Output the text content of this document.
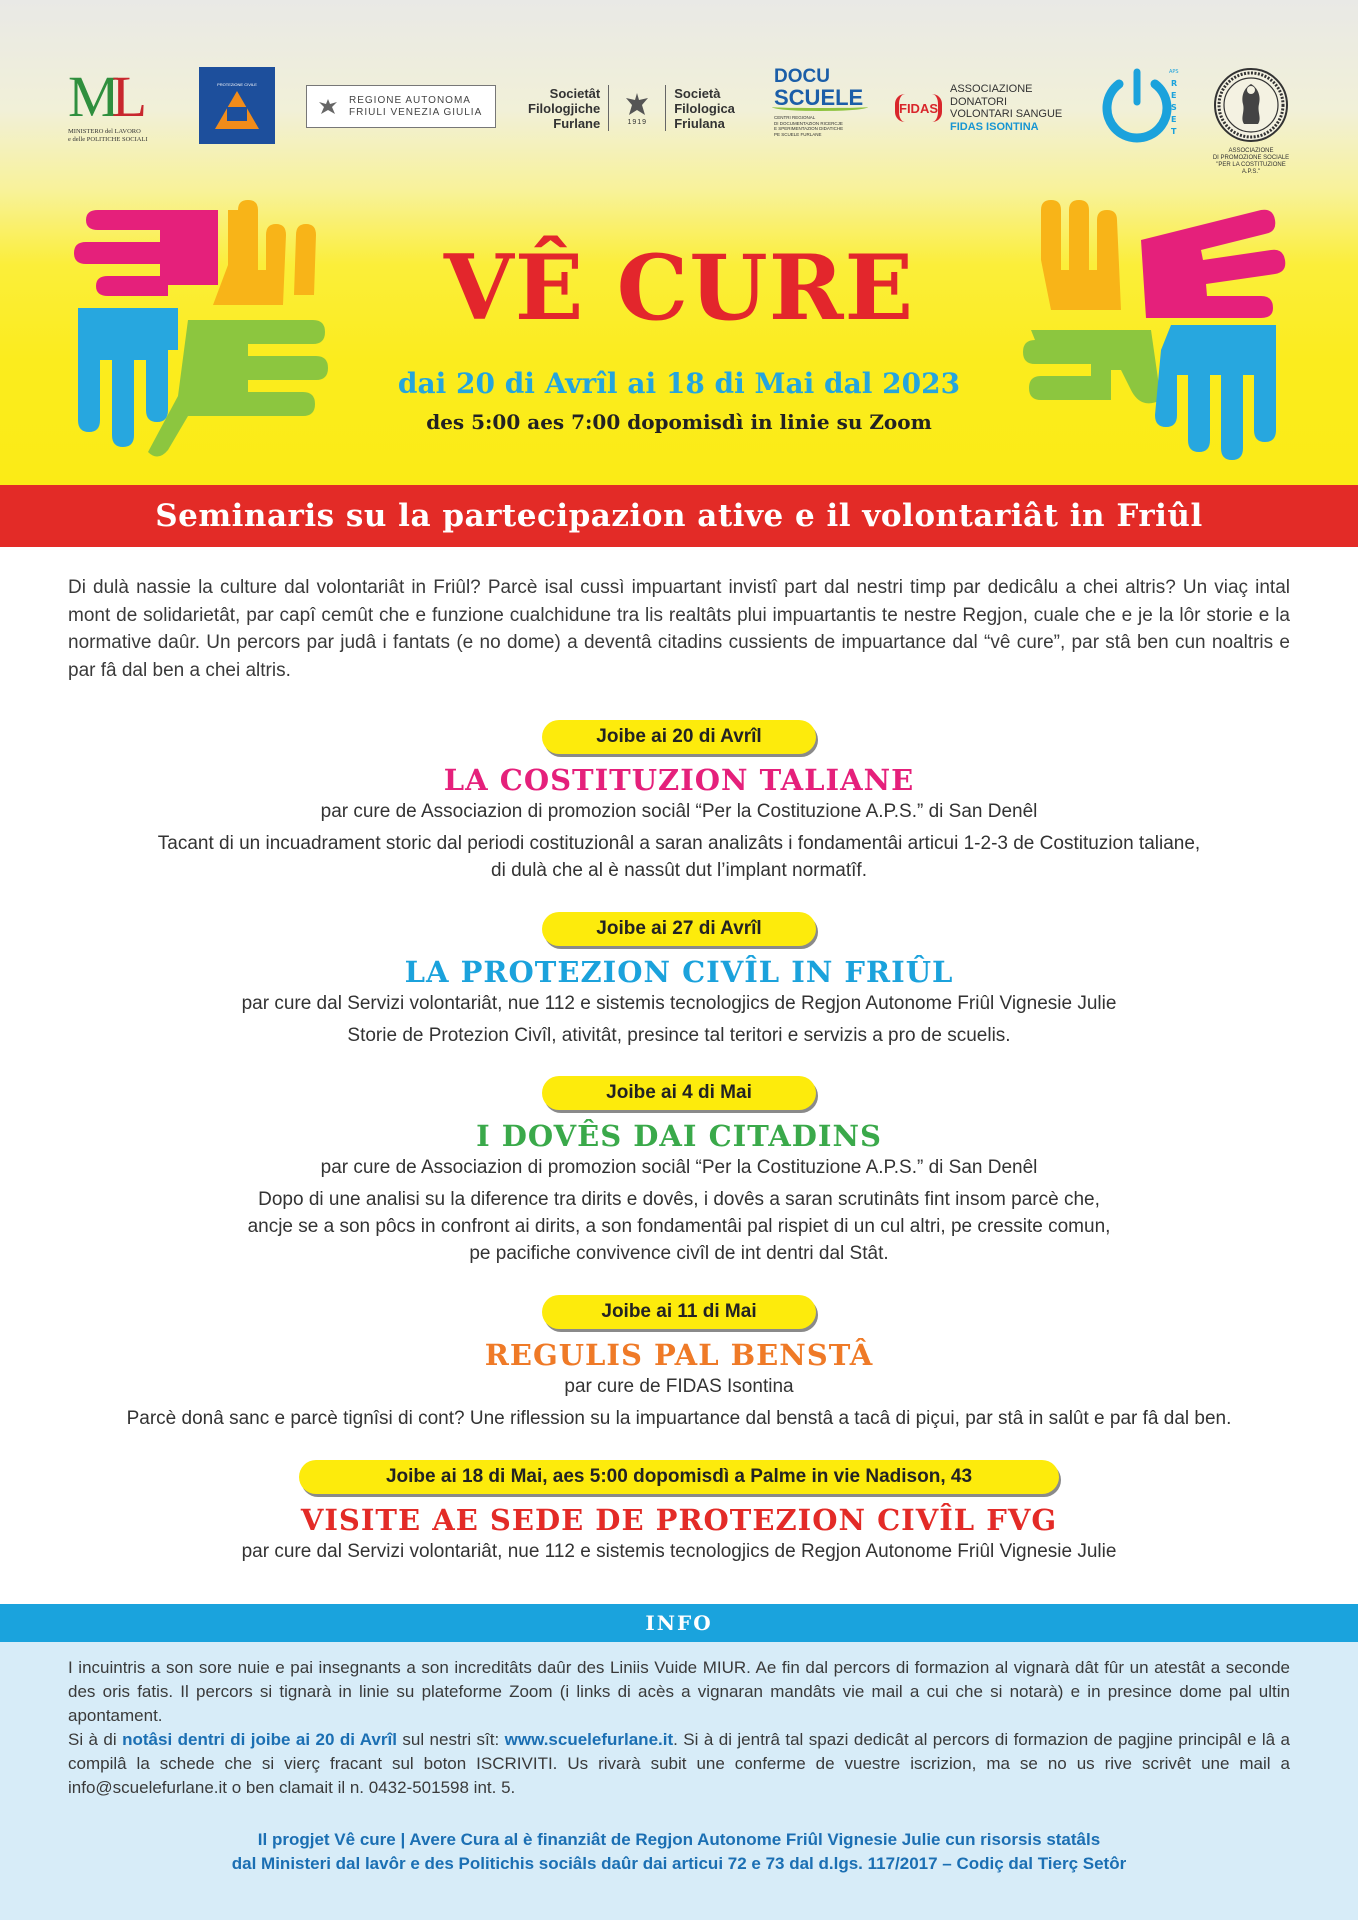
ML
MINISTERO del LAVORO
e delle POLITICHE SOCIALI
PROTEZIONE CIVILE
REGIONE AUTONOMA
FRIULI VENEZIA GIULIA
Societât
Filologjiche
Furlane	1919
Società
Filologica
Friulana
DOCU
SCUELE
CENTRI REGIONAL
DI DOCUMENTAZION RICERCJE
E SPERIMENTAZION DIDATICHE
PE SCUELE FURLANE
FIDAS
ASSOCIAZIONE DONATORI
VOLONTARI SANGUE
FIDAS ISONTINA
R
E
S
E
T
APS
ASSOCIAZIONE
DI PROMOZIONE SOCIALE
"PER LA COSTITUZIONE A.P.S."
VÊ CURE
dai 20 di Avrîl ai 18 di Mai dal 2023
des 5:00 aes 7:00 dopomisdì in linie su Zoom
Seminaris su la partecipazion ative e il volontariât in Friûl

Di dulà nassie la culture dal volontariât in Friûl? Parcè isal cussì impuartant invistî part dal nestri timp par dedicâlu a chei altris? Un viaç intal mont de solidarietât, par capî cemût che e funzione cualchidune tra lis realtâts plui impuartantis te nestre Regjon, cuale che e je la lôr storie e la normative daûr. Un percors par judâ i fantats (e no dome) a deventâ citadins cussients de impuartance dal “vê cure”, par stâ ben cun noaltris e par fâ dal ben a chei altris.

Joibe ai 20 di Avrîl
LA COSTITUZION TALIANE
par cure de Associazion di promozion sociâl “Per la Costituzione A.P.S.” di San Denêl
Tacant di un incuadrament storic dal periodi costituzionâl a saran analizâts i fondamentâi articui 1-2-3 de Costituzion taliane,
di dulà che al è nassût dut l’implant normatîf.
Joibe ai 27 di Avrîl
LA PROTEZION CIVÎL IN FRIÛL
par cure dal Servizi volontariât, nue 112 e sistemis tecnologjics de Regjon Autonome Friûl Vignesie Julie
Storie de Protezion Civîl, ativitât, presince tal teritori e servizis a pro de scuelis.
Joibe ai 4 di Mai
I DOVÊS DAI CITADINS
par cure de Associazion di promozion sociâl “Per la Costituzione A.P.S.” di San Denêl
Dopo di une analisi su la diference tra dirits e dovês, i dovês a saran scrutinâts fint insom parcè che,
ancje se a son pôcs in confront ai dirits, a son fondamentâi pal rispiet di un cul altri, pe cressite comun,
pe pacifiche convivence civîl de int dentri dal Stât.
Joibe ai 11 di Mai
REGULIS PAL BENSTÂ
par cure de FIDAS Isontina
Parcè donâ sanc e parcè tignîsi di cont? Une riflession su la impuartance dal benstâ a tacâ di piçui, par stâ in salût e par fâ dal ben.
Joibe ai 18 di Mai, aes 5:00 dopomisdì a Palme in vie Nadison, 43
VISITE AE SEDE DE PROTEZION CIVÎL FVG
par cure dal Servizi volontariât, nue 112 e sistemis tecnologjics de Regjon Autonome Friûl Vignesie Julie
INFO

I incuintris a son sore nuie e pai insegnants a son increditâts daûr des Liniis Vuide MIUR. Ae fin dal percors di formazion al vignarà dât fûr un atestât a seconde des oris fatis. Il percors si tignarà in linie su plateforme Zoom (i links di acès a vignaran mandâts vie mail a cui che si notarà) e in presince dome pal ultin apontament.

Si à di notâsi dentri di joibe ai 20 di Avrîl sul nestri sît: www.scuelefurlane.it. Si à di jentrâ tal spazi dedicât al percors di formazion de pagjine principâl e lâ a compilâ la schede che si vierç fracant sul boton ISCRIVITI. Us rivarà subit une conferme de vuestre iscrizion, ma se no us rive scrivêt une mail a info@scuelefurlane.it o ben clamait il n. 0432-501598 int. 5.

Il progjet Vê cure | Avere Cura al è finanziât de Regjon Autonome Friûl Vignesie Julie cun risorsis statâls
dal Ministeri dal lavôr e des Politichis sociâls daûr dai articui 72 e 73 dal d.lgs. 117/2017 – Codiç dal Tierç Setôr
